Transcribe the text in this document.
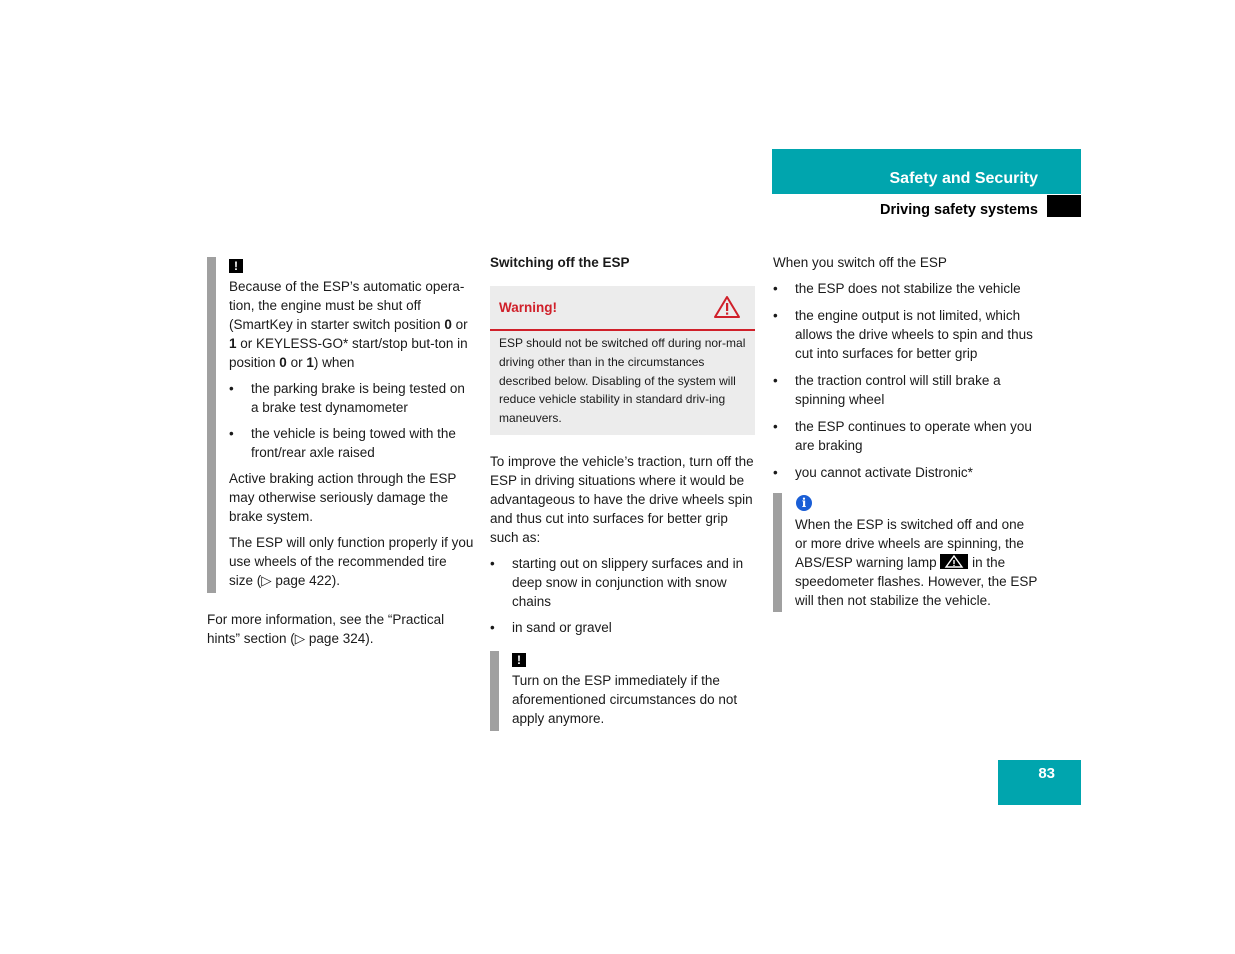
Safety and Security
Driving safety systems
!

Because of the ESP’s automatic opera-tion, the engine must be shut off (SmartKey in starter switch position 0 or 1 or KEYLESS-GO* start/stop but-ton in position 0 or 1) when

• the parking brake is being tested on a brake test dynamometer
• the vehicle is being towed with the front/rear axle raised

Active braking action through the ESP may otherwise seriously damage the brake system.

The ESP will only function properly if you use wheels of the recommended tire size (▷ page 422).

For more information, see the “Practical hints” section (▷ page 324).

Switching off the ESP
Warning!

ESP should not be switched off during nor-mal driving other than in the circumstances described below. Disabling of the system will reduce vehicle stability in standard driv-ing maneuvers.

To improve the vehicle’s traction, turn off the ESP in driving situations where it would be advantageous to have the drive wheels spin and thus cut into surfaces for better grip such as:

• starting out on slippery surfaces and in deep snow in conjunction with snow chains
• in sand or gravel
!

Turn on the ESP immediately if the aforementioned circumstances do not apply anymore.

When you switch off the ESP

• the ESP does not stabilize the vehicle
• the engine output is not limited, which allows the drive wheels to spin and thus cut into surfaces for better grip
• the traction control will still brake a spinning wheel
• the ESP continues to operate when you are braking
• you cannot activate Distronic*
i

When the ESP is switched off and one or more drive wheels are spinning, the ABS/ESP warning lamp
in the speedometer flashes. However, the ESP will then not stabilize the vehicle.

83
